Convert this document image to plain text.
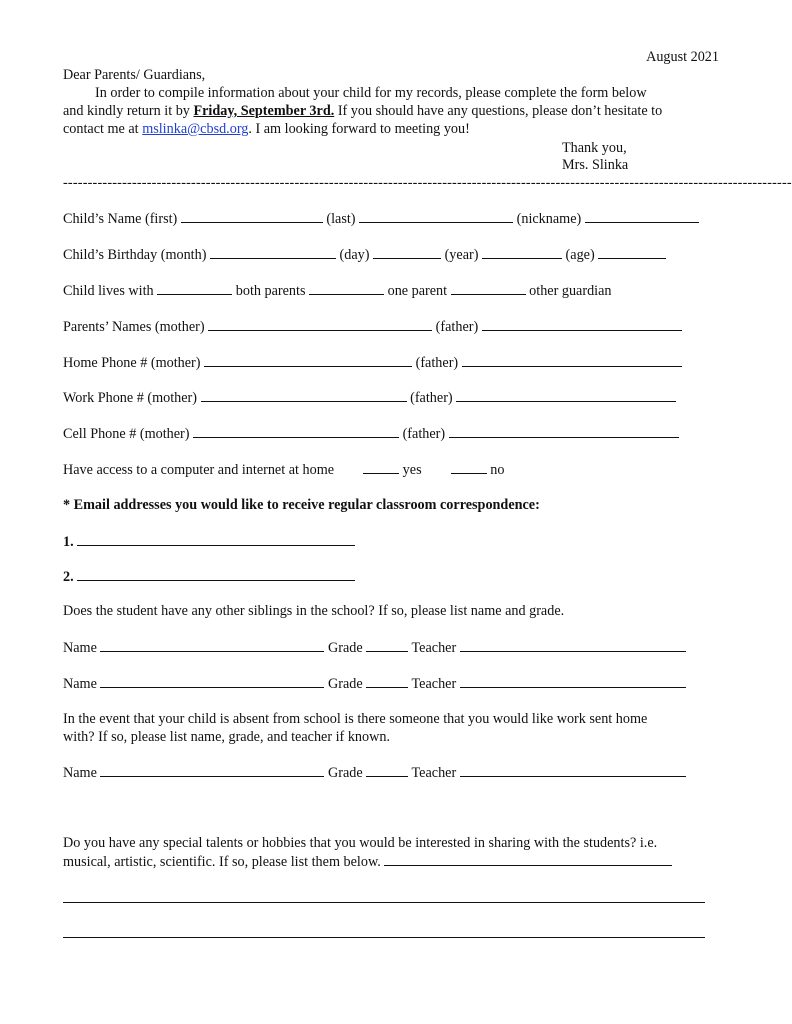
August 2021
Dear Parents/ Guardians,
In order to compile information about your child for my records, please complete the form below
and kindly return it by Friday, September 3rd. If you should have any questions, please don’t hesitate to
contact me at mslinka@cbsd.org. I am looking forward to meeting you!
Thank you,
Mrs. Slinka
----------------------------------------------------------------------------------------------------------------------------------------------------
Child’s Name (first)	(last)	(nickname)
Child’s Birthday (month)	(day)	(year)	(age)
Child lives with	both parents	one parent	other guardian
Parents’ Names (mother)	(father)
Home Phone # (mother)	(father)
Work Phone # (mother)	(father)
Cell Phone # (mother)	(father)
Have access to a computer and internet at home	yes	no
* Email addresses you would like to receive regular classroom correspondence:
1.
2.
Does the student have any other siblings in the school? If so, please list name and grade.
Name	Grade	Teacher
Name	Grade	Teacher
In the event that your child is absent from school is there someone that you would like work sent home
with? If so, please list name, grade, and teacher if known.
Name	Grade	Teacher
Do you have any special talents or hobbies that you would be interested in sharing with the students? i.e.
musical, artistic, scientific. If so, please list them below.
